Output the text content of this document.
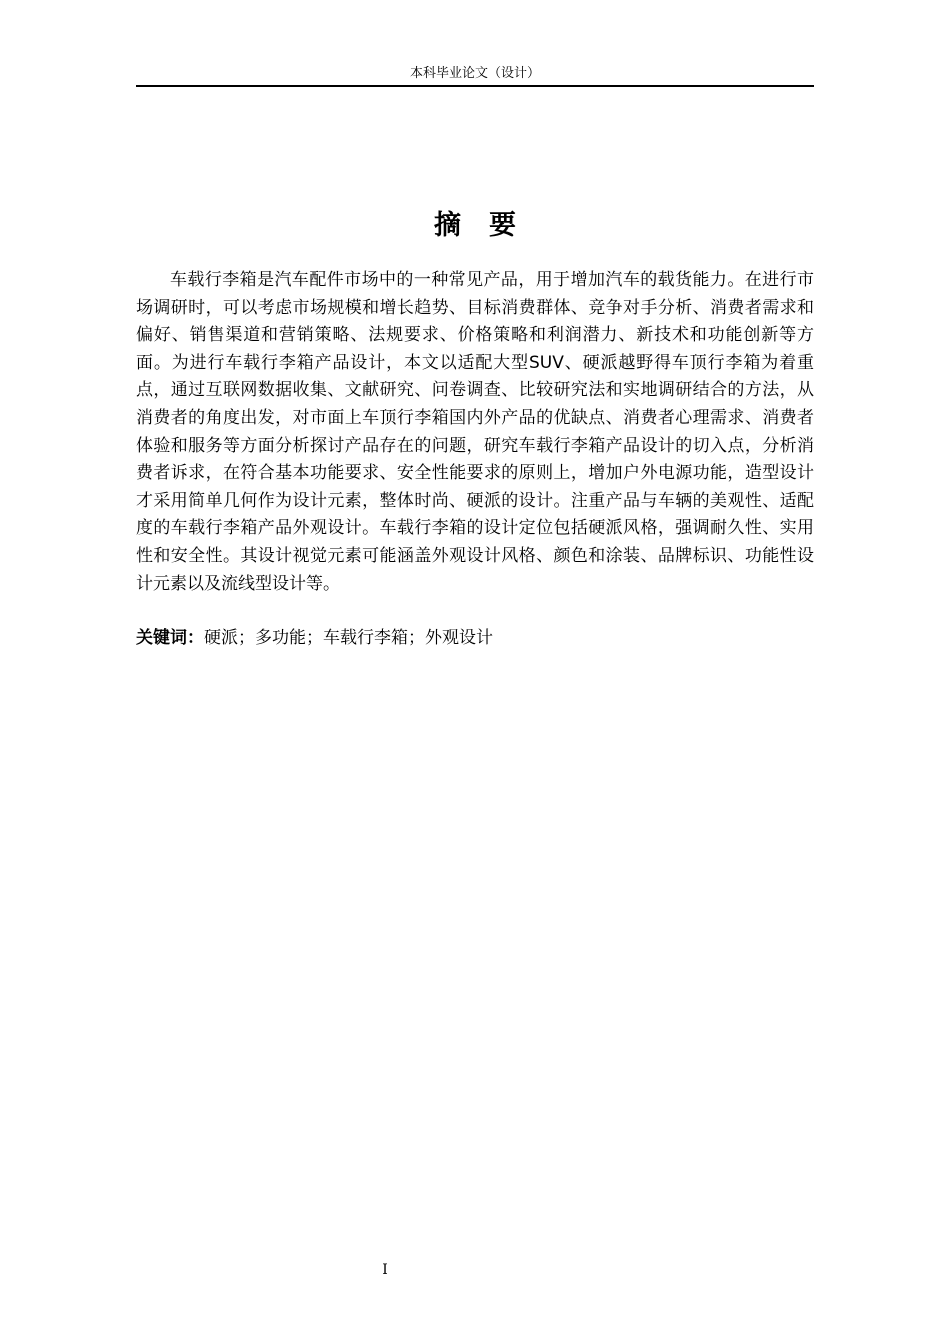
本科毕业论文（设计）
摘要

车载行李箱是汽车配件市场中的一种常见产品，用于增加汽车的载货能力。在进行市场调研时，可以考虑市场规模和增长趋势、目标消费群体、竞争对手分析、消费者需求和偏好、销售渠道和营销策略、法规要求、价格策略和利润潜力、新技术和功能创新等方面。为进行车载行李箱产品设计，本文以适配大型SUV、硬派越野得车顶行李箱为着重点，通过互联网数据收集、文献研究、问卷调查、比较研究法和实地调研结合的方法，从消费者的角度出发，对市面上车顶行李箱国内外产品的优缺点、消费者心理需求、消费者体验和服务等方面分析探讨产品存在的问题，研究车载行李箱产品设计的切入点，分析消费者诉求，在符合基本功能要求、安全性能要求的原则上，增加户外电源功能，造型设计才采用简单几何作为设计元素，整体时尚、硬派的设计。注重产品与车辆的美观性、适配度的车载行李箱产品外观设计。车载行李箱的设计定位包括硬派风格，强调耐久性、实用性和安全性。其设计视觉元素可能涵盖外观设计风格、颜色和涂装、品牌标识、功能性设计元素以及流线型设计等。

关键词：硬派；多功能；车载行李箱；外观设计
I
